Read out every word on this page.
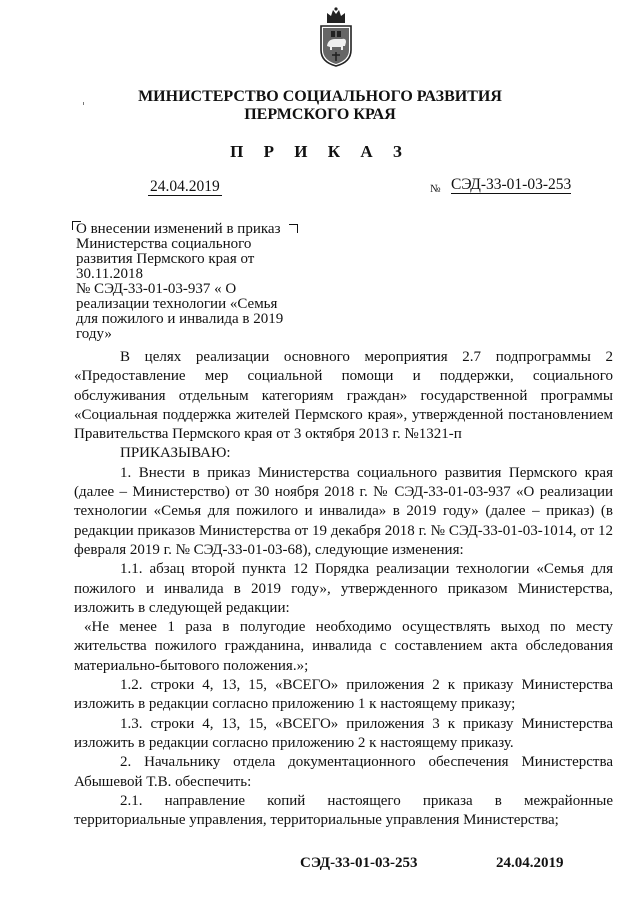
МИНИСТЕРСТВО СОЦИАЛЬНОГО РАЗВИТИЯ
ПЕРМСКОГО КРАЯ
П Р И К А З
24.04.2019	№ СЭД-33-01-03-253
О внесении изменений в приказ
Министерства социального
развития Пермского края от
30.11.2018
№ СЭД-33-01-03-937 « О
реализации технологии «Семья
для пожилого и инвалида в 2019
году»

В целях реализации основного мероприятия 2.7 подпрограммы 2 «Предоставление мер социальной помощи и поддержки, социального обслуживания отдельным категориям граждан» государственной программы «Социальная поддержка жителей Пермского края», утвержденной постановлением Правительства Пермского края от 3 октября 2013 г. №1321-п

ПРИКАЗЫВАЮ:

1. Внести в приказ Министерства социального развития Пермского края (далее – Министерство) от 30 ноября 2018 г. № СЭД-33-01-03-937 «О реализации технологии «Семья для пожилого и инвалида» в 2019 году» (далее – приказ) (в редакции приказов Министерства от 19 декабря 2018 г. № СЭД-33-01-03-1014, от 12 февраля 2019 г. № СЭД-33-01-03-68), следующие изменения:

1.1. абзац второй пункта 12 Порядка реализации технологии «Семья для пожилого и инвалида в 2019 году», утвержденного приказом Министерства, изложить в следующей редакции:

«Не менее 1 раза в полугодие необходимо осуществлять выход по месту жительства пожилого гражданина, инвалида с составлением акта обследования материально-бытового положения.»;

1.2. строки 4, 13, 15, «ВСЕГО» приложения 2 к приказу Министерства изложить в редакции согласно приложению 1 к настоящему приказу;

1.3. строки 4, 13, 15, «ВСЕГО» приложения 3 к приказу Министерства изложить в редакции согласно приложению 2 к настоящему приказу.

2. Начальнику отдела документационного обеспечения Министерства Абышевой Т.В. обеспечить:

2.1. направление копий настоящего приказа в межрайонные территориальные управления, территориальные управления Министерства;

СЭД-33-01-03-253	24.04.2019
